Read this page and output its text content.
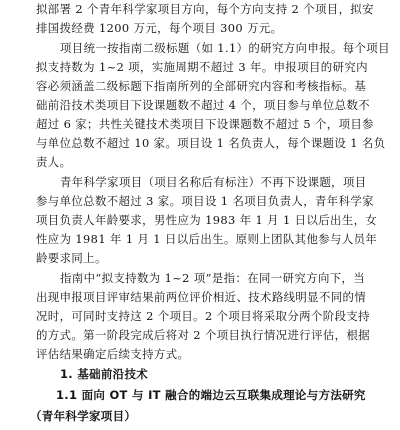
拟部署 2 个青年科学家项目方向，每个方向支持 2 个项目，拟安
排国拨经费 1200 万元，每个项目 300 万元。
项目统一按指南二级标题（如 1.1）的研究方向申报。每个项目
拟支持数为 1~2 项，实施周期不超过 3 年。申报项目的研究内
容必须涵盖二级标题下指南所列的全部研究内容和考核指标。基
础前沿技术类项目下设课题数不超过 4 个，项目参与单位总数不
超过 6 家；共性关键技术类项目下设课题数不超过 5 个，项目参
与单位总数不超过 10 家。项目设 1 名负责人，每个课题设 1 名负
责人。
青年科学家项目（项目名称后有标注）不再下设课题，项目
参与单位总数不超过 3 家。项目设 1 名项目负责人，青年科学家
项目负责人年龄要求，男性应为 1983 年 1 月 1 日以后出生，女
性应为 1981 年 1 月 1 日以后出生。原则上团队其他参与人员年
龄要求同上。
指南中“拟支持数为 1~2 项”是指：在同一研究方向下，当
出现申报项目评审结果前两位评价相近、技术路线明显不同的情
况时，可同时支持这 2 个项目。2 个项目将采取分两个阶段支持
的方式。第一阶段完成后将对 2 个项目执行情况进行评估，根据
评估结果确定后续支持方式。
1. 基础前沿技术
1.1 面向 OT 与 IT 融合的端边云互联集成理论与方法研究
（青年科学家项目）
